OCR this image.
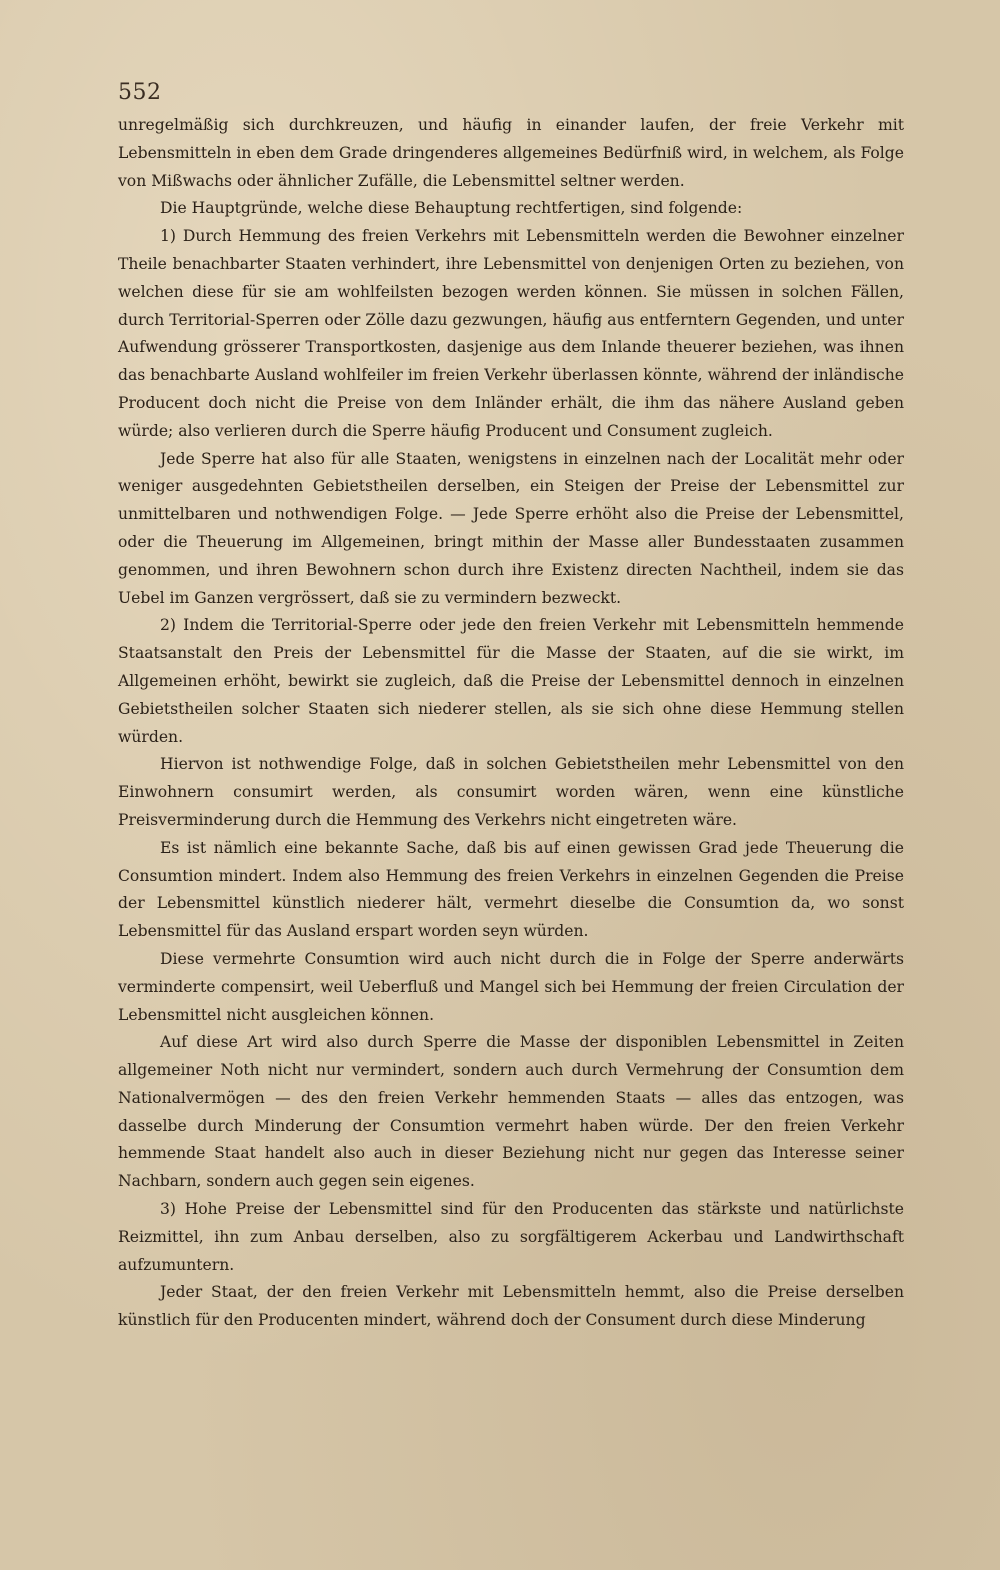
552

unregelmäßig sich durchkreuzen, und häufig in einander laufen, der freie Verkehr mit Lebensmitteln in eben dem Grade dringenderes allgemeines Bedürfniß wird, in welchem, als Folge von Mißwachs oder ähnlicher Zufälle, die Lebensmittel seltner werden.

Die Hauptgründe, welche diese Behauptung rechtfertigen, sind folgende:

1) Durch Hemmung des freien Verkehrs mit Lebensmitteln werden die Bewohner einzelner Theile benachbarter Staaten verhindert, ihre Lebensmittel von denjenigen Orten zu beziehen, von welchen diese für sie am wohlfeilsten bezogen werden können. Sie müssen in solchen Fällen, durch Territorial-Sperren oder Zölle dazu gezwungen, häufig aus entferntern Gegenden, und unter Aufwendung grösserer Transportkosten, dasjenige aus dem Inlande theuerer beziehen, was ihnen das benachbarte Ausland wohlfeiler im freien Verkehr überlassen könnte, während der inländische Producent doch nicht die Preise von dem Inländer erhält, die ihm das nähere Ausland geben würde; also verlieren durch die Sperre häufig Producent und Consument zugleich.

Jede Sperre hat also für alle Staaten, wenigstens in einzelnen nach der Localität mehr oder weniger ausgedehnten Gebietstheilen derselben, ein Steigen der Preise der Lebensmittel zur unmittelbaren und nothwendigen Folge. — Jede Sperre erhöht also die Preise der Lebensmittel, oder die Theuerung im Allgemeinen, bringt mithin der Masse aller Bundesstaaten zusammen genommen, und ihren Bewohnern schon durch ihre Existenz directen Nachtheil, indem sie das Uebel im Ganzen vergrössert, daß sie zu vermindern bezweckt.

2) Indem die Territorial-Sperre oder jede den freien Verkehr mit Lebensmitteln hemmende Staatsanstalt den Preis der Lebensmittel für die Masse der Staaten, auf die sie wirkt, im Allgemeinen erhöht, bewirkt sie zugleich, daß die Preise der Lebensmittel dennoch in einzelnen Gebietstheilen solcher Staaten sich niederer stellen, als sie sich ohne diese Hemmung stellen würden.

Hiervon ist nothwendige Folge, daß in solchen Gebietstheilen mehr Lebensmittel von den Einwohnern consumirt werden, als consumirt worden wären, wenn eine künstliche Preisverminderung durch die Hemmung des Verkehrs nicht eingetreten wäre.

Es ist nämlich eine bekannte Sache, daß bis auf einen gewissen Grad jede Theuerung die Consumtion mindert. Indem also Hemmung des freien Verkehrs in einzelnen Gegenden die Preise der Lebensmittel künstlich niederer hält, vermehrt dieselbe die Consumtion da, wo sonst Lebensmittel für das Ausland erspart worden seyn würden.

Diese vermehrte Consumtion wird auch nicht durch die in Folge der Sperre anderwärts verminderte compensirt, weil Ueberfluß und Mangel sich bei Hemmung der freien Circulation der Lebensmittel nicht ausgleichen können.

Auf diese Art wird also durch Sperre die Masse der disponiblen Lebensmittel in Zeiten allgemeiner Noth nicht nur vermindert, sondern auch durch Vermehrung der Consumtion dem Nationalvermögen — des den freien Verkehr hemmenden Staats — alles das entzogen, was dasselbe durch Minderung der Consumtion vermehrt haben würde. Der den freien Verkehr hemmende Staat handelt also auch in dieser Beziehung nicht nur gegen das Interesse seiner Nachbarn, sondern auch gegen sein eigenes.

3) Hohe Preise der Lebensmittel sind für den Producenten das stärkste und natürlichste Reizmittel, ihn zum Anbau derselben, also zu sorgfältigerem Ackerbau und Landwirthschaft aufzumuntern.

Jeder Staat, der den freien Verkehr mit Lebensmitteln hemmt, also die Preise derselben künstlich für den Producenten mindert, während doch der Consument durch diese Minderung
